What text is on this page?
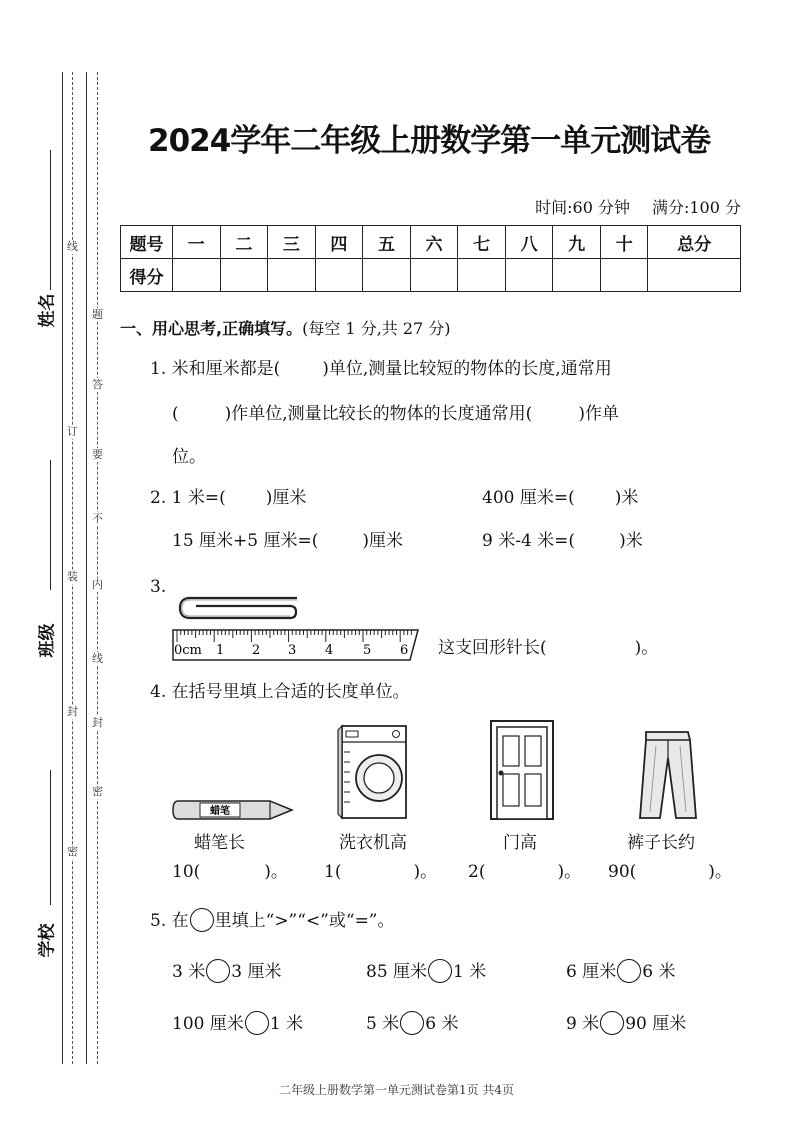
线
订
装
封
密
题
答
要
不
内
线
封
密
姓名
班级
学校
2024学年二年级上册数学第一单元测试卷
时间:60 分钟 满分:100 分
题号	一	二	三	四	五	六	七	八	九	十	总分
得分											
一、用心思考,正确填写。(每空 1 分,共 27 分)
1. 米和厘米都是( )单位,测量比较短的物体的长度,通常用
(	)作单位,测量比较长的物体的长度通常用(	)作单
位。
2. 1 米=( )厘米	400 厘米=( )米
15 厘米+5 厘米=(	)厘米	9 米-4 米=(	)米
3.
0cm	2 3 4 5 6
1	这支回形针长(	)。
4. 在括号里填上合适的长度单位。
蜡笔
蜡笔长	洗衣机高	门高	裤子长约
10(	)。 1(	)。 2(	)。 90(	)。
5. 在 里填上“>”“<”或“=”。
3 米 3 厘米	85 厘米 1 米	6 厘米 6 米
100 厘米 1 米	5 米 6 米	9 米 90 厘米
二年级上册数学第一单元测试卷第1页 共4页
